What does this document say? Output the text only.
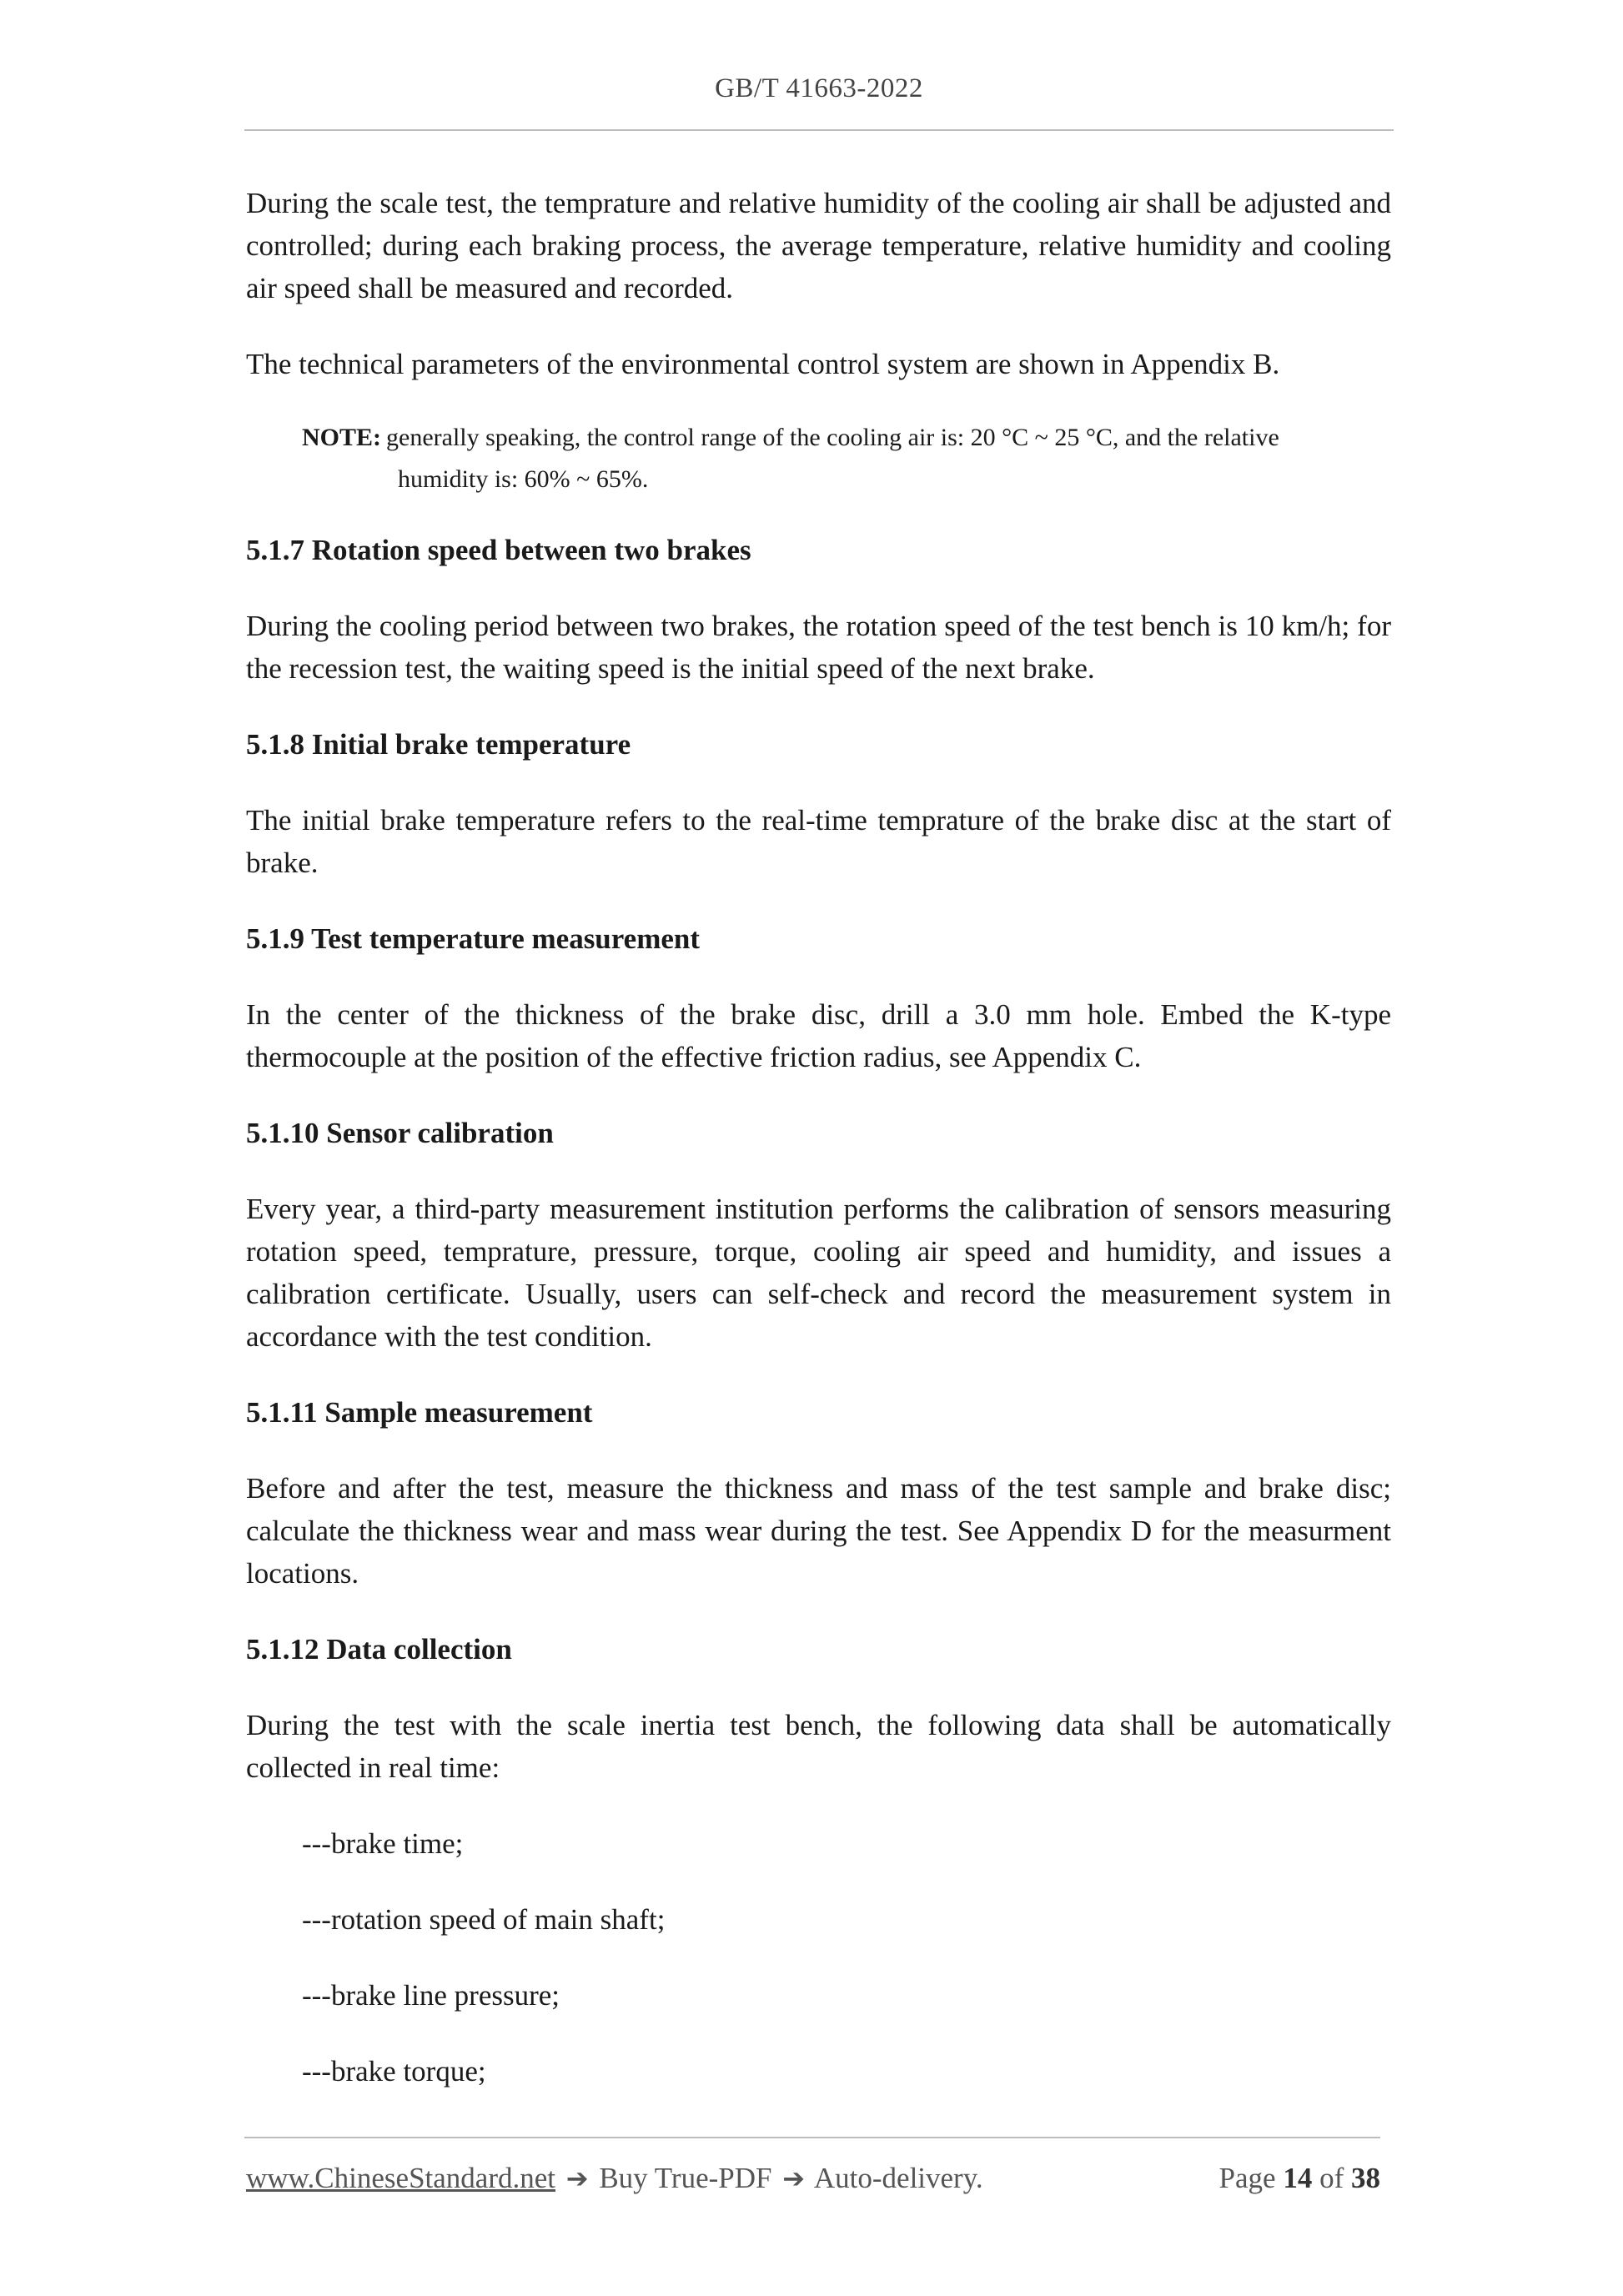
GB/T 41663-2022

During the scale test, the temprature and relative humidity of the cooling air shall be adjusted and controlled; during each braking process, the average temperature, relative humidity and cooling air speed shall be measured and recorded.

The technical parameters of the environmental control system are shown in Appendix B.

NOTE: generally speaking, the control range of the cooling air is: 20 °C ~ 25 °C, and the relative
humidity is: 60% ~ 65%.
5.1.7 Rotation speed between two brakes

During the cooling period between two brakes, the rotation speed of the test bench is 10 km/h; for the recession test, the waiting speed is the initial speed of the next brake.

5.1.8 Initial brake temperature

The initial brake temperature refers to the real-time temprature of the brake disc at the start of brake.

5.1.9 Test temperature measurement

In the center of the thickness of the brake disc, drill a 3.0 mm hole. Embed the K-type thermocouple at the position of the effective friction radius, see Appendix C.

5.1.10 Sensor calibration

Every year, a third-party measurement institution performs the calibration of sensors measuring rotation speed, temprature, pressure, torque, cooling air speed and humidity, and issues a calibration certificate. Usually, users can self-check and record the measurement system in accordance with the test condition.

5.1.11 Sample measurement

Before and after the test, measure the thickness and mass of the test sample and brake disc; calculate the thickness wear and mass wear during the test. See Appendix D for the measurment locations.

5.1.12 Data collection

During the test with the scale inertia test bench, the following data shall be automatically collected in real time:

---brake time;
---rotation speed of main shaft;
---brake line pressure;
---brake torque;
www.ChineseStandard.net ➔ Buy True-PDF ➔ Auto-delivery.	Page 14 of 38
